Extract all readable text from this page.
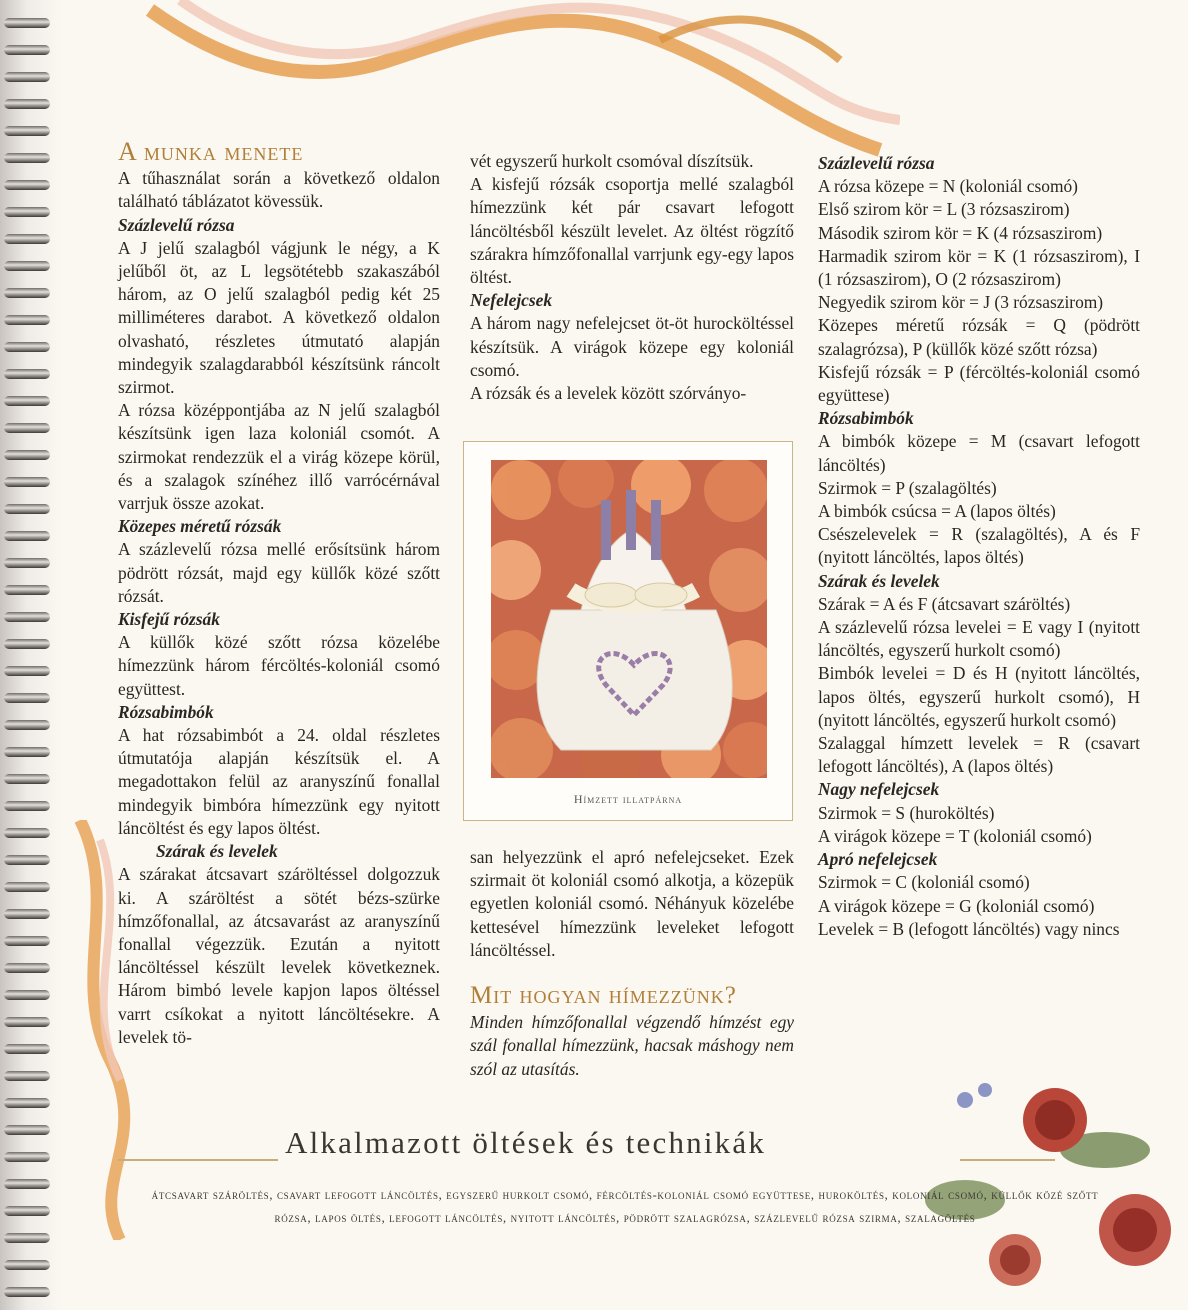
A munka menete

A tűhasználat során a következő oldalon található táblázatot kövessük.

Százlevelű rózsa

A J jelű szalagból vágjunk le négy, a K jelűből öt, az L legsötétebb szakaszából három, az O jelű szalagból pedig két 25 milliméteres darabot. A következő oldalon olvasható, részletes útmutató alapján mindegyik szalagdarabból készítsünk ráncolt szirmot.

A rózsa középpontjába az N jelű szalagból készítsünk igen laza koloniál csomót. A szirmokat rendezzük el a virág közepe körül, és a szalagok színéhez illő varrócérnával varrjuk össze azokat.

Közepes méretű rózsák

A százlevelű rózsa mellé erősítsünk három pödrött rózsát, majd egy küllők közé szőtt rózsát.

Kisfejű rózsák

A küllők közé szőtt rózsa közelébe hímezzünk három fércöltés-koloniál csomó együttest.

Rózsabimbók

A hat rózsabimbót a 24. oldal részletes útmutatója alapján készítsük el. A megadottakon felül az aranyszínű fonallal mindegyik bimbóra hímezzünk egy nyitott láncöltést és egy lapos öltést.

Szárak és levelek

A szárakat átcsavart száröltéssel dolgozzuk ki. A száröltést a sötét bézs-szürke hímzőfonallal, az átcsavarást az aranyszínű fonallal végezzük. Ezután a nyitott láncöltéssel készült levelek következnek. Három bimbó levele kapjon lapos öltéssel varrt csíkokat a nyitott láncöltésekre. A levelek tö-

vét egyszerű hurkolt csomóval díszítsük.

A kisfejű rózsák csoportja mellé szalagból hímezzünk két pár csavart lefogott láncöltésből készült levelet. Az öltést rögzítő szárakra hímzőfonallal varrjunk egy-egy lapos öltést.

Nefelejcsek

A három nagy nefelejcset öt-öt hurocköltéssel készítsük. A virágok közepe egy koloniál csomó.

A rózsák és a levelek között szórványo-

Hímzett illatpárna

san helyezzünk el apró nefelejcseket. Ezek szirmait öt koloniál csomó alkotja, a közepük egyetlen koloniál csomó. Néhányuk közelébe kettesével hímezzünk leveleket lefogott láncöltéssel.

Mit hogyan hímezzünk?

Minden hímzőfonallal végzendő hímzést egy szál fonallal hímezzünk, hacsak máshogy nem szól az utasítás.

Százlevelű rózsa

A rózsa közepe = N (koloniál csomó)

Első szirom kör = L (3 rózsaszirom)

Második szirom kör = K (4 rózsaszirom)

Harmadik szirom kör = K (1 rózsaszirom), I (1 rózsaszirom), O (2 rózsaszirom)

Negyedik szirom kör = J (3 rózsaszirom)

Közepes méretű rózsák = Q (pödrött szalagrózsa), P (küllők közé szőtt rózsa)

Kisfejű rózsák = P (fércöltés-koloniál csomó együttese)

Rózsabimbók

A bimbók közepe = M (csavart lefogott láncöltés)

Szirmok = P (szalagöltés)

A bimbók csúcsa = A (lapos öltés)

Csészelevelek = R (szalagöltés), A és F (nyitott láncöltés, lapos öltés)

Szárak és levelek

Szárak = A és F (átcsavart száröltés)

A százlevelű rózsa levelei = E vagy I (nyitott láncöltés, egyszerű hurkolt csomó)

Bimbók levelei = D és H (nyitott láncöltés, lapos öltés, egyszerű hurkolt csomó), H (nyitott láncöltés, egyszerű hurkolt csomó)

Szalaggal hímzett levelek = R (csavart lefogott láncöltés), A (lapos öltés)

Nagy nefelejcsek

Szirmok = S (huroköltés)

A virágok közepe = T (koloniál csomó)

Apró nefelejcsek

Szirmok = C (koloniál csomó)

A virágok közepe = G (koloniál csomó)

Levelek = B (lefogott láncöltés) vagy nincs

Alkalmazott öltések és technikák
átcsavart száröltés, csavart lefogott láncöltés, egyszerű hurkolt csomó, fércöltés-koloniál csomó együttese, huroköltés, koloniál csomó, küllők közé szőtt rózsa, lapos öltés, lefogott láncöltés, nyitott láncöltés, pödrött szalagrózsa, százlevelű rózsa szirma, szalagöltés
